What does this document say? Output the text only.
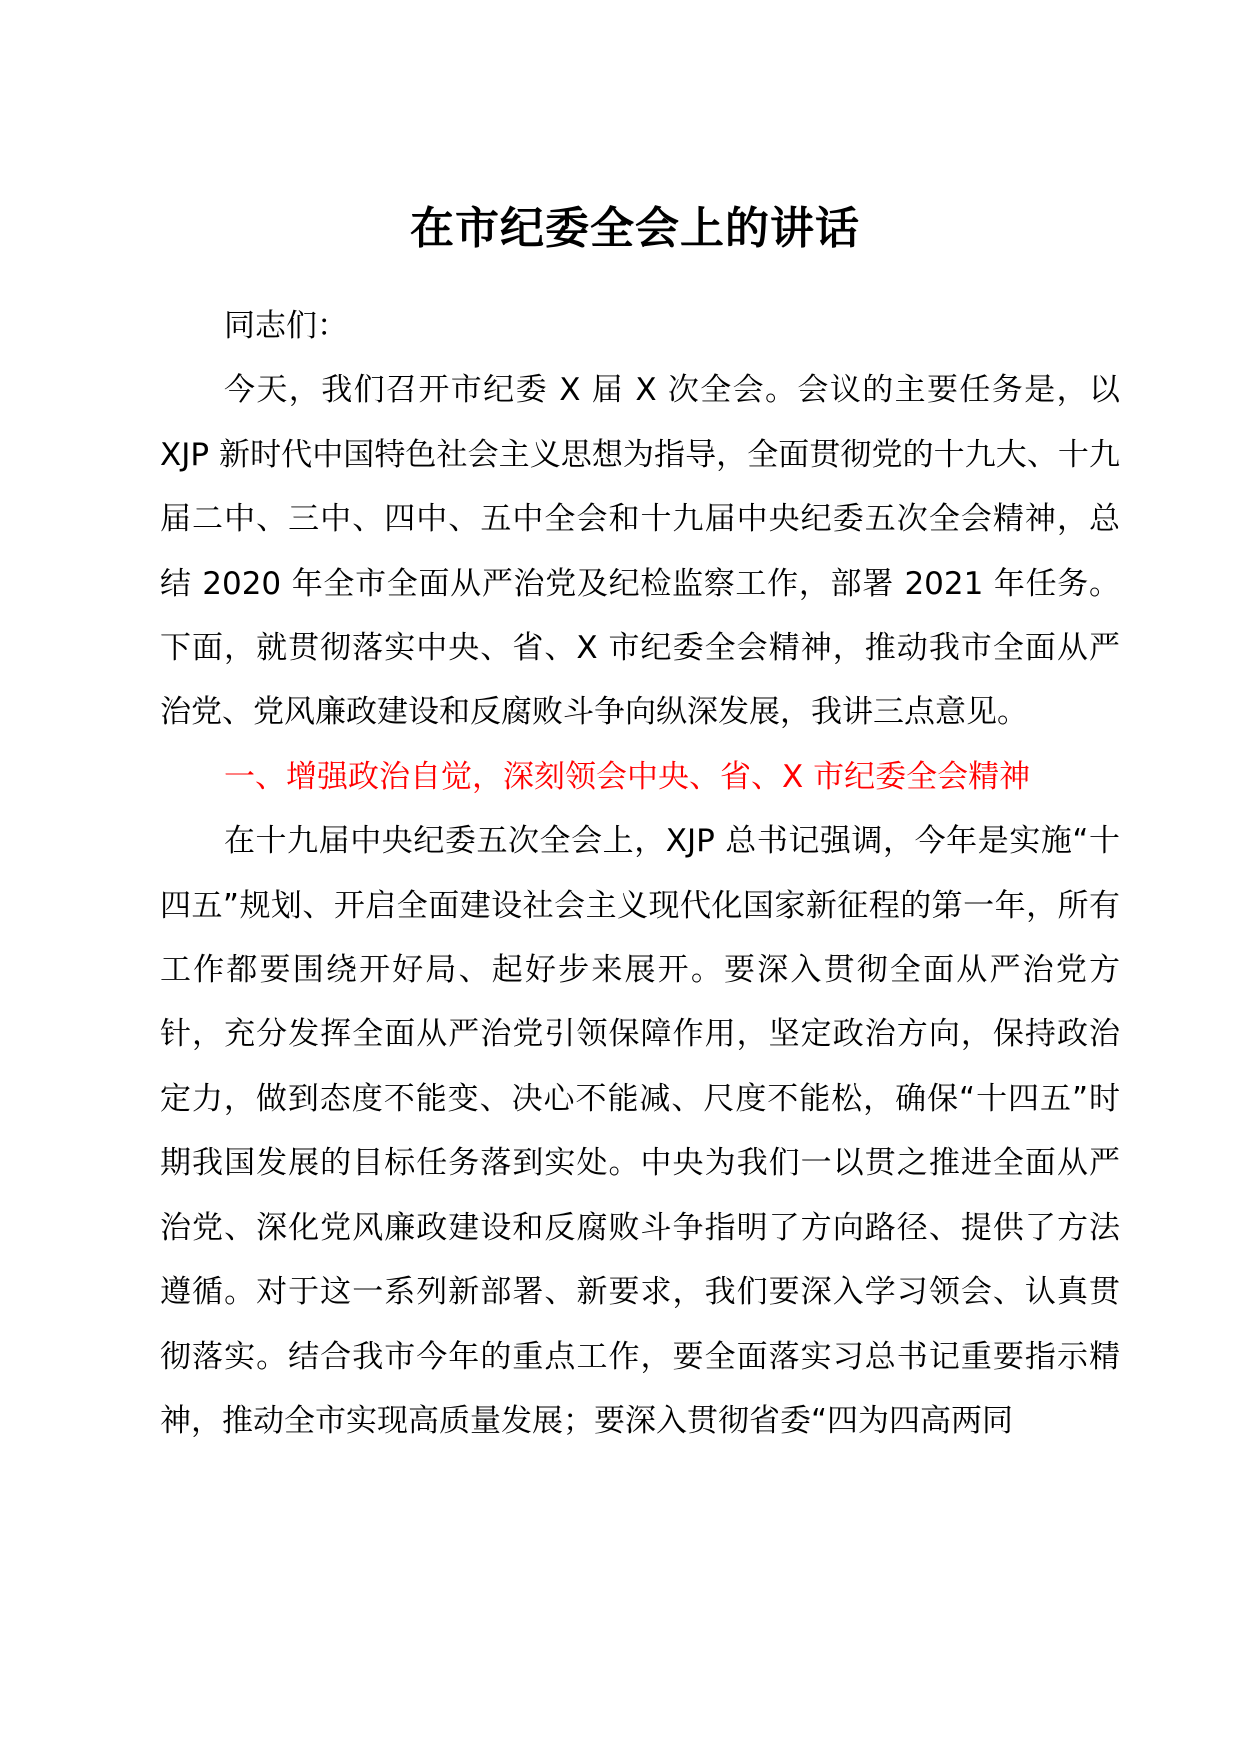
在市纪委全会上的讲话

同志们：

今天，我们召开市纪委 X 届 X 次全会。会议的主要任务是，以 XJP 新时代中国特色社会主义思想为指导，全面贯彻党的十九大、十九届二中、三中、四中、五中全会和十九届中央纪委五次全会精神，总结 2020 年全市全面从严治党及纪检监察工作，部署 2021 年任务。下面，就贯彻落实中央、省、X 市纪委全会精神，推动我市全面从严治党、党风廉政建设和反腐败斗争向纵深发展，我讲三点意见。

一、增强政治自觉，深刻领会中央、省、X 市纪委全会精神

在十九届中央纪委五次全会上，XJP 总书记强调，今年是实施“十四五”规划、开启全面建设社会主义现代化国家新征程的第一年，所有工作都要围绕开好局、起好步来展开。要深入贯彻全面从严治党方针，充分发挥全面从严治党引领保障作用，坚定政治方向，保持政治定力，做到态度不能变、决心不能减、尺度不能松，确保“十四五”时期我国发展的目标任务落到实处。中央为我们一以贯之推进全面从严治党、深化党风廉政建设和反腐败斗争指明了方向路径、提供了方法遵循。对于这一系列新部署、新要求，我们要深入学习领会、认真贯彻落实。结合我市今年的重点工作，要全面落实习总书记重要指示精神，推动全市实现高质量发展；要深入贯彻省委“四为四高两同
